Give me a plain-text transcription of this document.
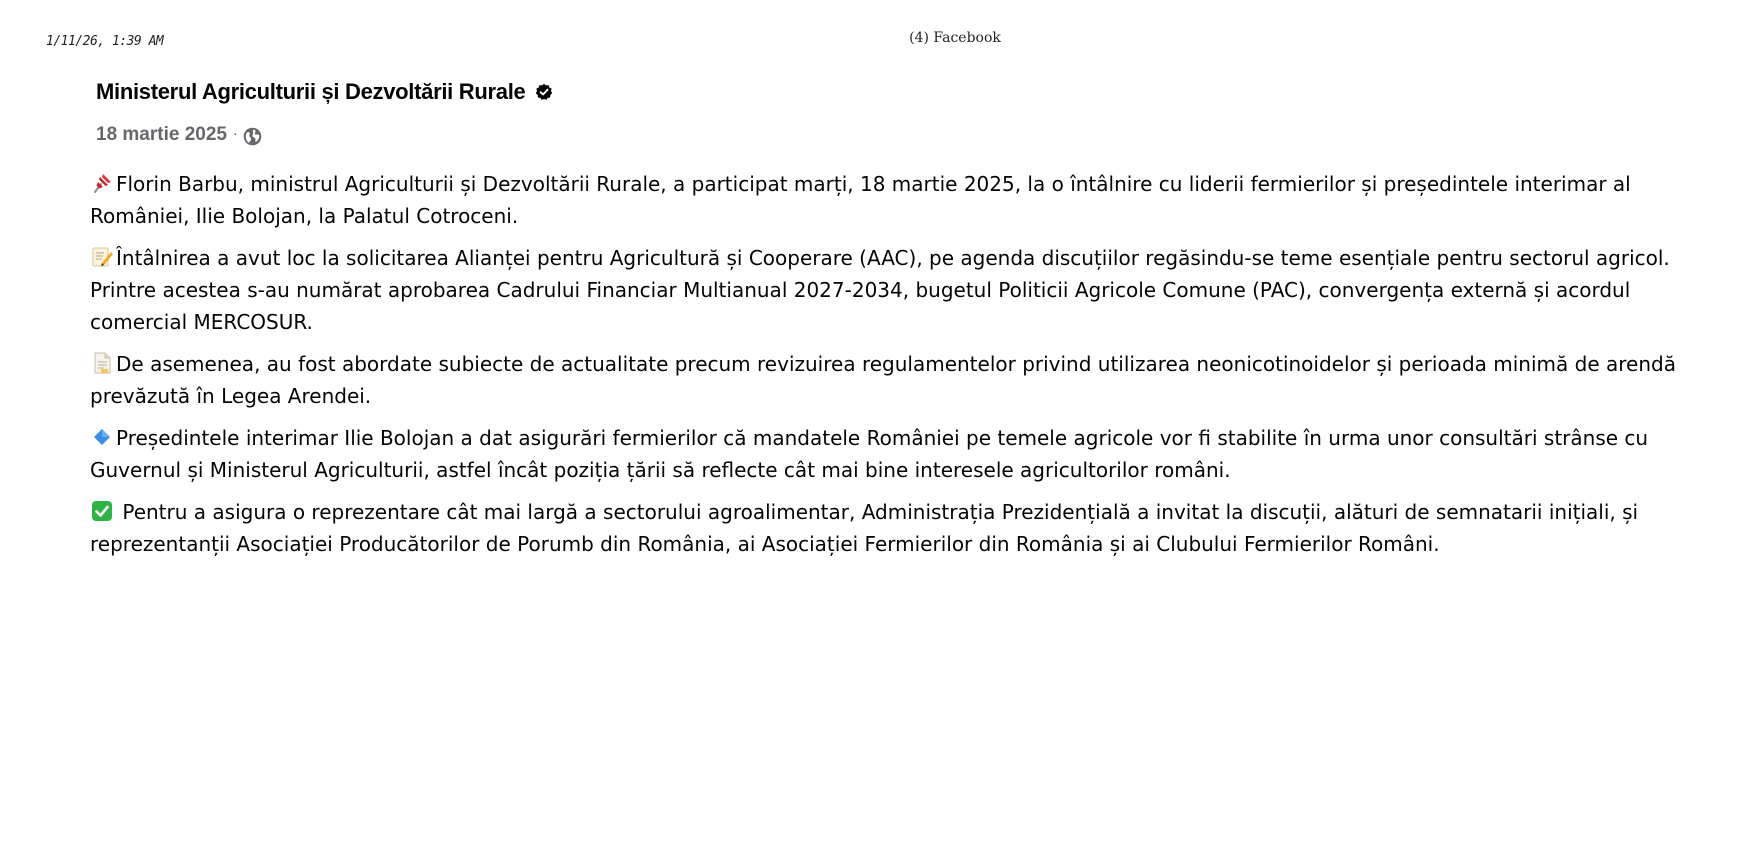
1/11/26, 1:39 AM	(4) Facebook
Ministerul Agriculturii și Dezvoltării Rurale
18 martie 2025 ·

Florin Barbu, ministrul Agriculturii și Dezvoltării Rurale, a participat marți, 18 martie 2025, la o întâlnire cu liderii fermierilor și președintele interimar al României, Ilie Bolojan, la Palatul Cotroceni.

Întâlnirea a avut loc la solicitarea Alianței pentru Agricultură și Cooperare (AAC), pe agenda discuțiilor regăsindu-se teme esențiale pentru sectorul agricol. Printre acestea s-au numărat aprobarea Cadrului Financiar Multianual 2027-2034, bugetul Politicii Agricole Comune (PAC), convergența externă și acordul comercial MERCOSUR.

De asemenea, au fost abordate subiecte de actualitate precum revizuirea regulamentelor privind utilizarea neonicotinoidelor și perioada minimă de arendă prevăzută în Legea Arendei.

Președintele interimar Ilie Bolojan a dat asigurări fermierilor că mandatele României pe temele agricole vor fi stabilite în urma unor consultări strânse cu Guvernul și Ministerul Agriculturii, astfel încât poziția țării să reflecte cât mai bine interesele agricultorilor români.

Pentru a asigura o reprezentare cât mai largă a sectorului agroalimentar, Administrația Prezidențială a invitat la discuții, alături de semnatarii inițiali, și reprezentanții Asociației Producătorilor de Porumb din România, ai Asociației Fermierilor din România și ai Clubului Fermierilor Români.
